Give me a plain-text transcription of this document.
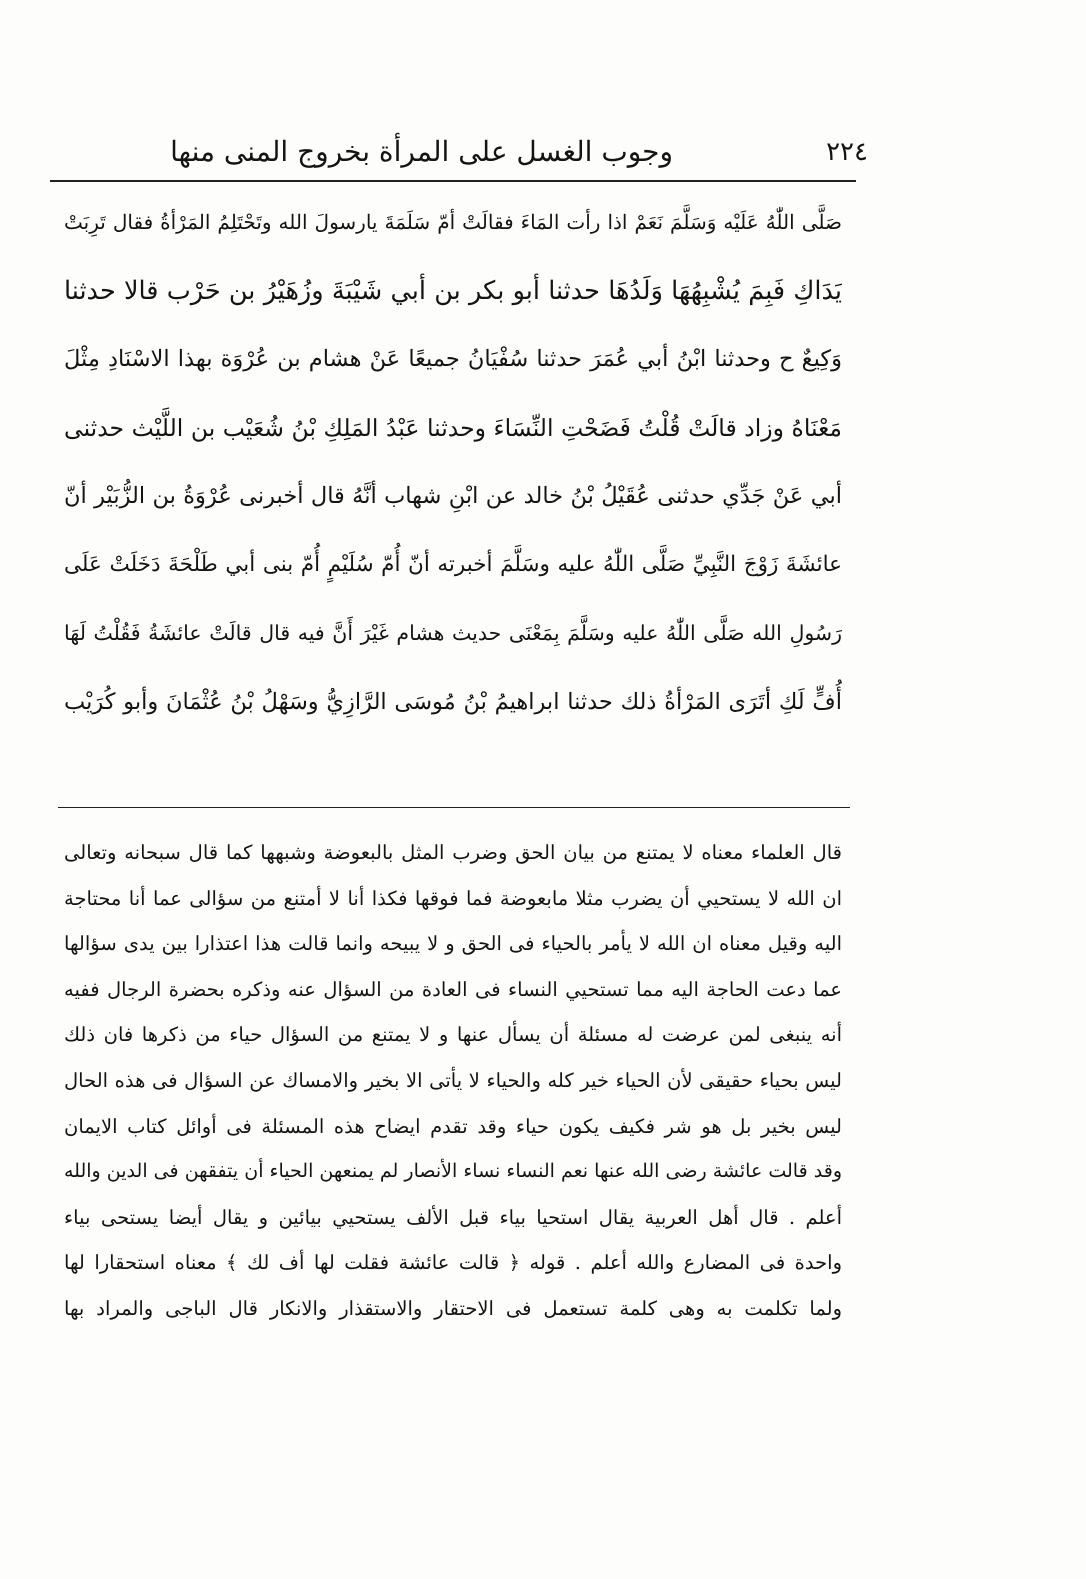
٢٢٤
وجوب الغسل على المرأة بخروج المنى منها
صَلَّى اللّٰهُ عَلَيْه وَسَلَّمَ نَعَمْ اذا رأت المَاءَ فقالَتْ أمّ سَلَمَةَ يارسولَ الله وتَحْتَلِمُ المَرْأةُ فقال تَرِبَتْ
يَدَاكِ فَبِمَ يُشْبِهُهَا وَلَدُهَا حدثنا أبو بكر بن أبي شَيْبَةَ وزُهَيْرُ بن حَرْب قالا حدثنا
وَكِيعٌ ح وحدثنا ابْنُ أبي عُمَرَ حدثنا سُفْيَانُ جميعًا عَنْ هشام بن عُرْوَة بهذا الاسْنَادِ مِثْلَ
مَعْنَاهُ وزاد قالَتْ قُلْتُ فَضَحْتِ النِّسَاءَ وحدثنا عَبْدُ المَلِكِ بْنُ شُعَيْب بن اللَّيْث حدثنى
أبي عَنْ جَدِّي حدثنى عُقَيْلُ بْنُ خالد عن ابْنِ شهاب أنَّهُ قال أخبرنى عُرْوَةُ بن الزُّبَيْر أنّ
عائشَةَ زَوْجَ النَّبِيِّ صَلَّى اللّٰهُ عليه وسَلَّمَ أخبرته أنّ أُمّ سُلَيْمٍ أُمّ بنى أبي طَلْحَةَ دَخَلَتْ عَلَى
رَسُولِ الله صَلَّى اللّٰهُ عليه وسَلَّمَ بِمَعْنَى حديث هشام غَيْرَ أَنَّ فيه قال قالَتْ عائشَةُ فَقُلْتُ لَهَا
أُفٍّ لَكِ أتَرَى المَرْأةُ ذلك حدثنا ابراهيمُ بْنُ مُوسَى الرَّازِيُّ وسَهْلُ بْنُ عُثْمَانَ وأبو كُرَيْب
قال العلماء معناه لا يمتنع من بيان الحق وضرب المثل بالبعوضة وشبهها كما قال سبحانه وتعالى
ان الله لا يستحيي أن يضرب مثلا مابعوضة فما فوقها فكذا أنا لا أمتنع من سؤالى عما أنا محتاجة
اليه وقيل معناه ان الله لا يأمر بالحياء فى الحق و لا يبيحه وانما قالت هذا اعتذارا بين يدى سؤالها
عما دعت الحاجة اليه مما تستحيي النساء فى العادة من السؤال عنه وذكره بحضرة الرجال ففيه
أنه ينبغى لمن عرضت له مسئلة أن يسأل عنها و لا يمتنع من السؤال حياء من ذكرها فان ذلك
ليس بحياء حقيقى لأن الحياء خير كله والحياء لا يأتى الا بخير والامساك عن السؤال فى هذه الحال
ليس بخير بل هو شر فكيف يكون حياء وقد تقدم ايضاح هذه المسئلة فى أوائل كتاب الايمان
وقد قالت عائشة رضى الله عنها نعم النساء نساء الأنصار لم يمنعهن الحياء أن يتفقهن فى الدين والله
أعلم . قال أهل العربية يقال استحيا بياء قبل الألف يستحيي بيائين و يقال أيضا يستحى بياء
واحدة فى المضارع والله أعلم . قوله ﴿ قالت عائشة فقلت لها أف لك ﴾ معناه استحقارا لها
ولما تكلمت به وهى كلمة تستعمل فى الاحتقار والاستقذار والانكار قال الباجى والمراد بها
